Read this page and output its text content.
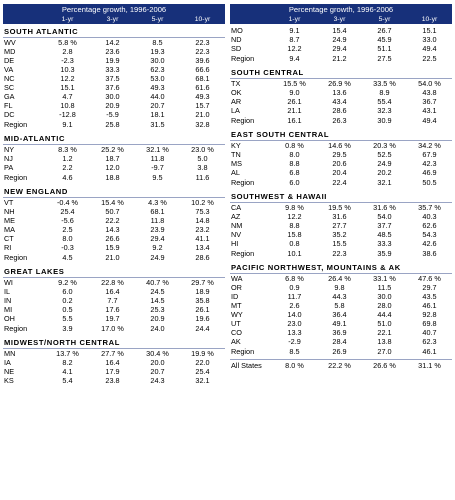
Percentage growth, 1996-2006
1-yr	3-yr	5-yr	10-yr
SOUTH ATLANTIC
WV	5.8 %	14.2	8.5	22.3
MD	2.8	23.6	19.3	22.3
DE	-2.3	19.9	30.0	39.6
VA	10.3	33.3	62.3	66.6
NC	12.2	37.5	53.0	68.1
SC	15.1	37.6	49.3	61.6
GA	4.7	30.0	44.0	49.3
FL	10.8	20.9	20.7	15.7
DC	-12.8	-5.9	18.1	21.0
Region	9.1	25.8	31.5	32.8
MID-ATLANTIC
NY	8.3 %	25.2 %	32.1 %	23.0 %
NJ	1.2	18.7	11.8	5.0
PA	2.2	12.0	-9.7	3.8
Region	4.6	18.8	9.5	11.6
NEW ENGLAND
VT	-0.4 %	15.4 %	4.3 %	10.2 %
NH	25.4	50.7	68.1	75.3
ME	-5.6	22.2	11.8	14.8
MA	2.5	14.3	23.9	23.2
CT	8.0	26.6	29.4	41.1
RI	-0.3	15.9	9.2	13.4
Region	4.5	21.0	24.9	28.6
GREAT LAKES
WI	9.2 %	22.8 %	40.7 %	29.7 %
IL	6.0	16.4	24.5	18.9
IN	0.2	7.7	14.5	35.8
MI	0.5	17.6	25.3	26.1
OH	5.5	19.7	20.9	19.6
Region	3.9	17.0 %	24.0	24.4
MIDWEST/NORTH CENTRAL
MN	13.7 %	27.7 %	30.4 %	19.9 %
IA	8.2	16.4	20.0	22.0
NE	4.1	17.9	20.7	25.4
KS	5.4	23.8	24.3	32.1
Percentage growth, 1996-2006
1-yr	3-yr	5-yr	10-yr
MO	9.1	15.4	26.7	15.1
ND	8.7	24.9	45.9	33.0
SD	12.2	29.4	51.1	49.4
Region	9.4	21.2	27.5	22.5
SOUTH CENTRAL
TX	15.5 %	26.9 %	33.5 %	54.0 %
OK	9.0	13.6	8.9	43.8
AR	26.1	43.4	55.4	36.7
LA	21.1	28.6	32.3	43.1
Region	16.1	26.3	30.9	49.4
EAST SOUTH CENTRAL
KY	0.8 %	14.6 %	20.3 %	34.2 %
TN	8.0	29.5	52.5	67.9
MS	8.8	20.6	24.9	42.3
AL	6.8	20.4	20.2	46.9
Region	6.0	22.4	32.1	50.5
SOUTHWEST & HAWAII
CA	9.8 %	19.5 %	31.6 %	35.7 %
AZ	12.2	31.6	54.0	40.3
NM	8.8	27.7	37.7	62.6
NV	15.8	35.2	48.5	54.3
HI	0.8	15.5	33.3	42.6
Region	10.1	22.3	35.9	38.6
PACIFIC NORTHWEST, MOUNTAINS & AK
WA	6.8 %	26.4 %	33.1 %	47.6 %
OR	0.9	9.8	11.5	29.7
ID	11.7	44.3	30.0	43.5
MT	2.6	5.8	28.0	46.1
WY	14.0	36.4	44.4	92.8
UT	23.0	49.1	51.0	69.8
CO	13.3	36.9	22.1	40.7
AK	-2.9	28.4	13.8	62.3
Region	8.5	26.9	27.0	46.1
All States	8.0 %	22.2 %	26.6 %	31.1 %
